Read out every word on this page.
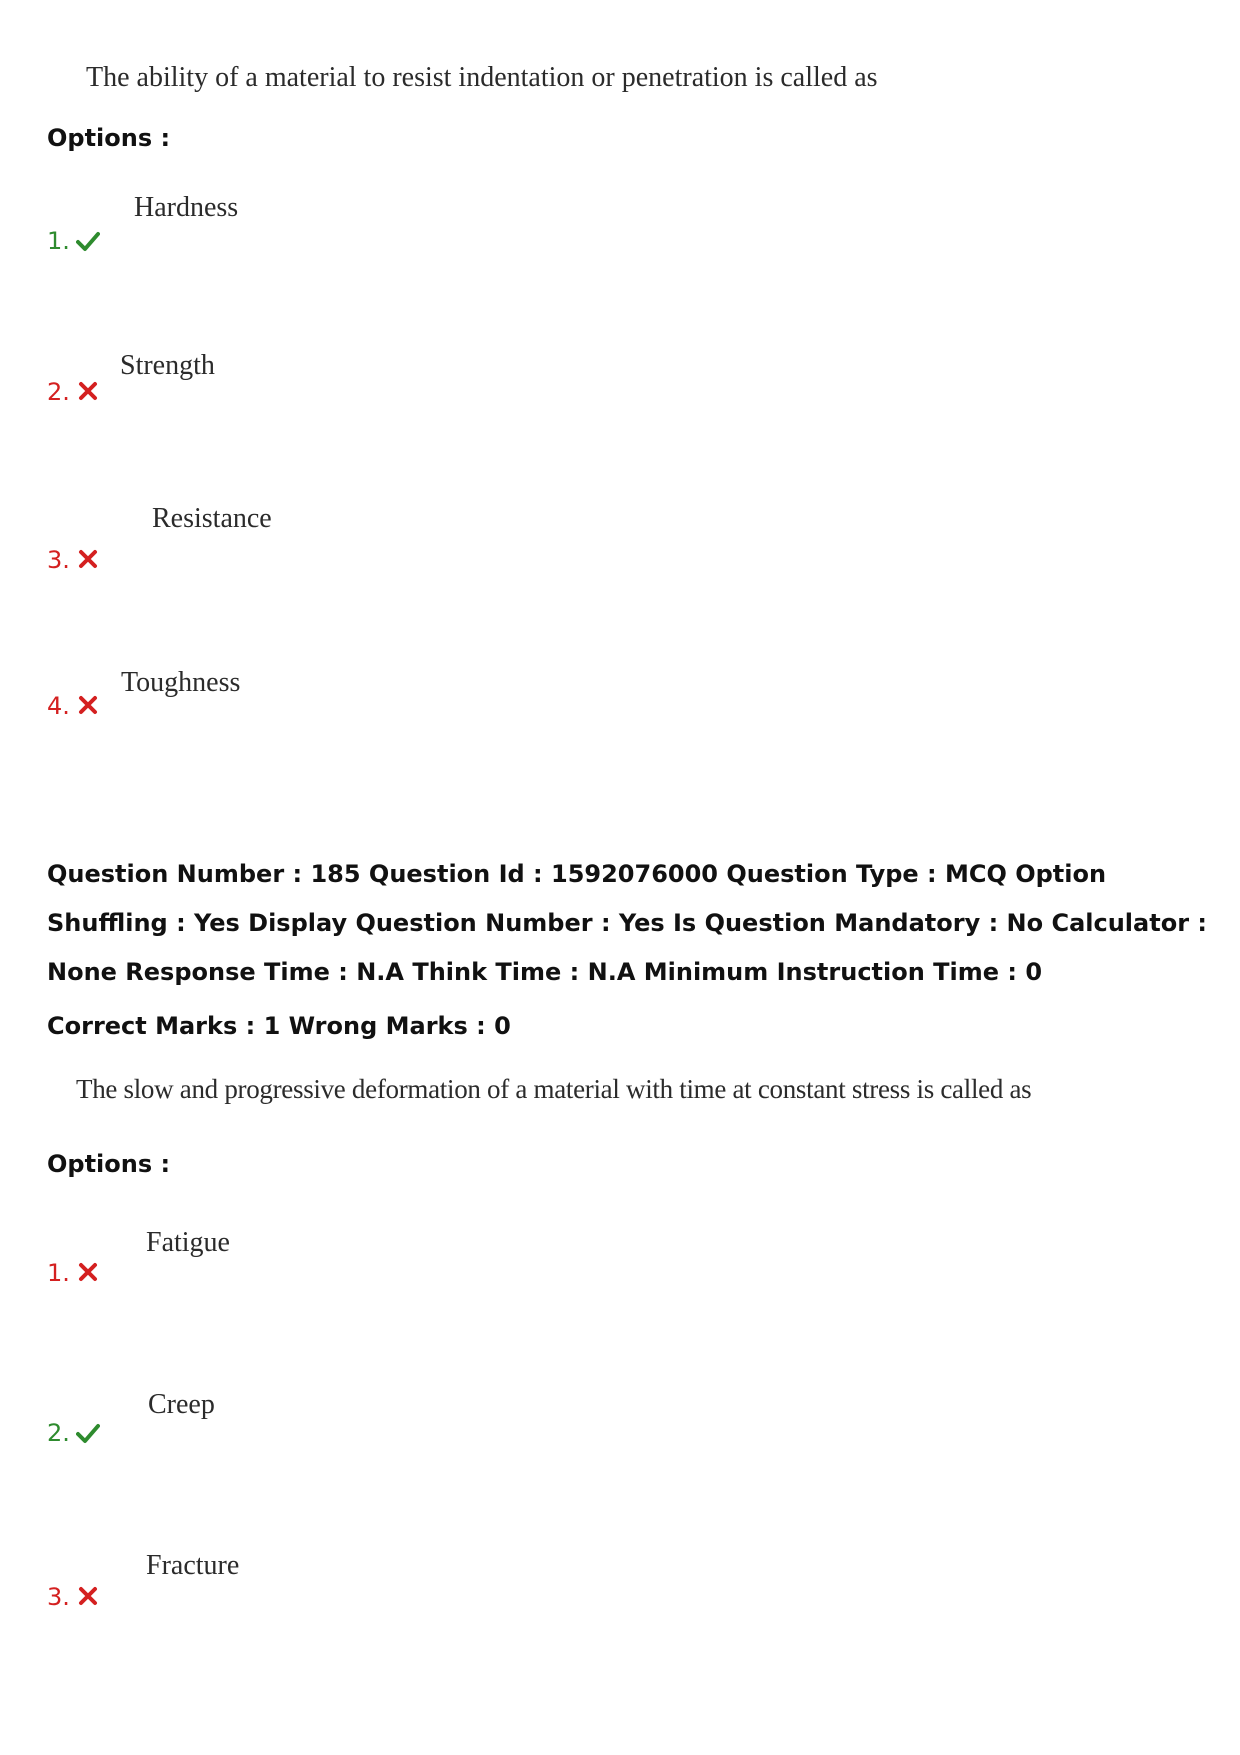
The ability of a material to resist indentation or penetration is called as
Options :
Hardness
1.
Strength
2.
Resistance
3.
Toughness
4.
Question Number : 185 Question Id : 1592076000 Question Type : MCQ Option Shuffling : Yes Display Question Number : Yes Is Question Mandatory : No Calculator : None Response Time : N.A Think Time : N.A Minimum Instruction Time : 0
Correct Marks : 1 Wrong Marks : 0
The slow and progressive deformation of a material with time at constant stress is called as
Options :
Fatigue
1.
Creep
2.
Fracture
3.
